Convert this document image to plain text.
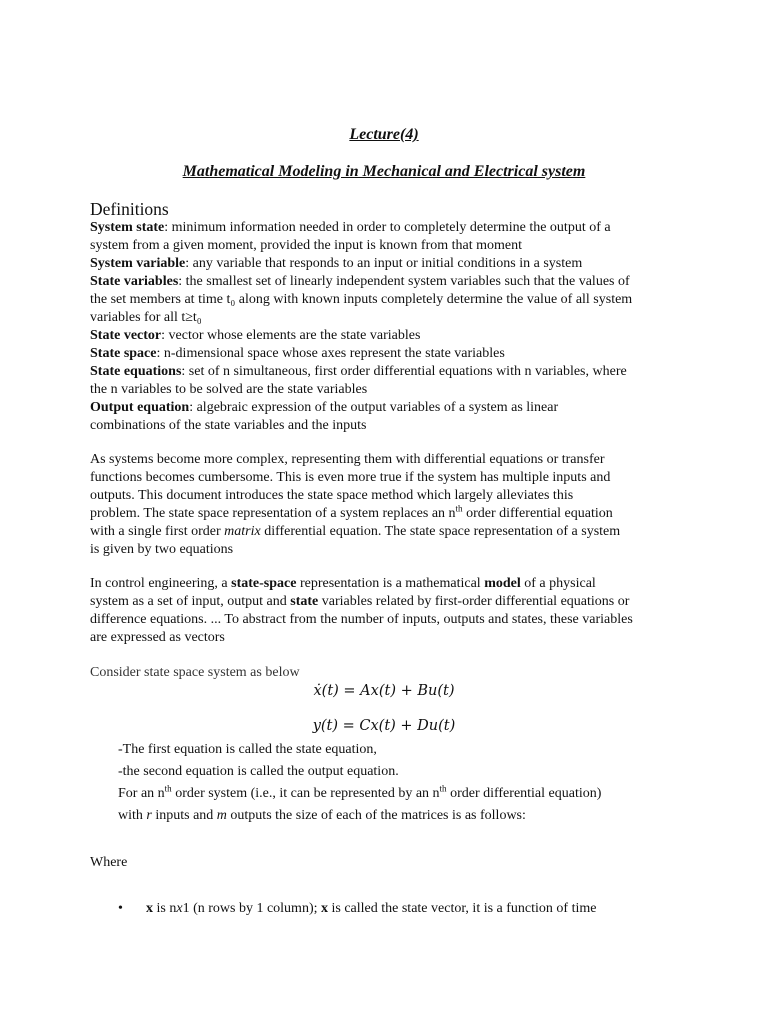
Lecture(4)
Mathematical Modeling in Mechanical and Electrical system
Definitions
System state: minimum information needed in order to completely determine the output of a
system from a given moment, provided the input is known from that moment
System variable: any variable that responds to an input or initial conditions in a system
State variables: the smallest set of linearly independent system variables such that the values of
the set members at time t₀ along with known inputs completely determine the value of all system
variables for all t≥t₀
State vector: vector whose elements are the state variables
State space: n-dimensional space whose axes represent the state variables
State equations: set of n simultaneous, first order differential equations with n variables, where
the n variables to be solved are the state variables
Output equation: algebraic expression of the output variables of a system as linear
combinations of the state variables and the inputs
As systems become more complex, representing them with differential equations or transfer
functions becomes cumbersome. This is even more true if the system has multiple inputs and
outputs. This document introduces the state space method which largely alleviates this
problem. The state space representation of a system replaces an $n^{th}$ order differential equation
with a single first order matrix differential equation. The state space representation of a system
is given by two equations
In control engineering, a state-space representation is a mathematical model of a physical
system as a set of input, output and state variables related by first-order differential equations or
difference equations. ... To abstract from the number of inputs, outputs and states, these variables
are expressed as vectors
Consider state space system as below
ẋ(t) = Ax(t) + Bu(t)
y(t) = Cx(t) + Du(t)
-The first equation is called the state equation,
-the second equation is called the output equation.
For an $n^{th}$ order system (i.e., it can be represented by an $n^{th}$ order differential equation)
with r inputs and m outputs the size of each of the matrices is as follows:
Where
• x is nx1 (n rows by 1 column); x is called the state vector, it is a function of time
